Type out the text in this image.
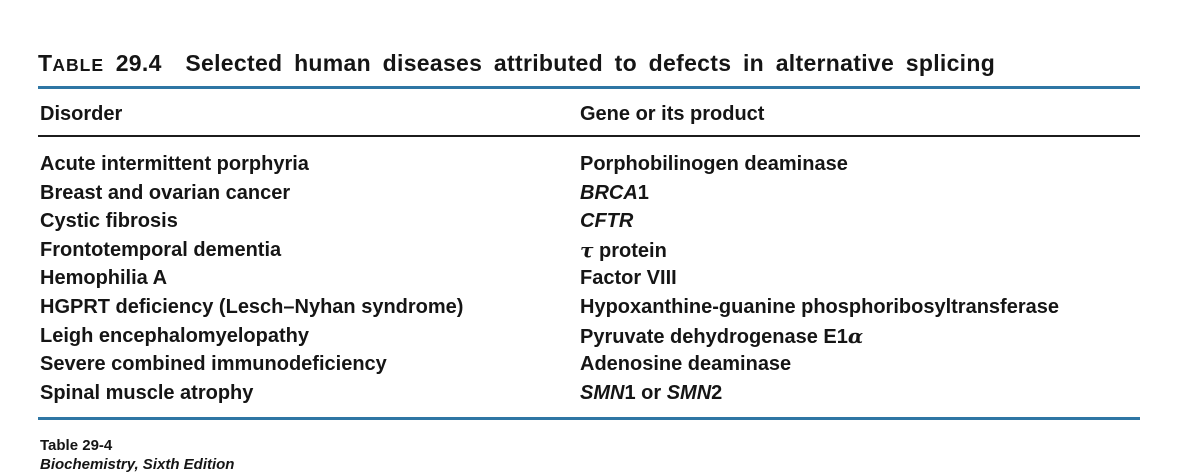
TABLE 29.4 Selected human diseases attributed to defects in alternative splicing
Disorder	Gene or its product
Acute intermittent porphyria	Porphobilinogen deaminase
Breast and ovarian cancer	BRCA1
Cystic fibrosis	CFTR
Frontotemporal dementia	τ protein
Hemophilia A	Factor VIII
HGPRT deficiency (Lesch–Nyhan syndrome)	Hypoxanthine-guanine phosphoribosyltransferase
Leigh encephalomyelopathy	Pyruvate dehydrogenase E1α
Severe combined immunodeficiency	Adenosine deaminase
Spinal muscle atrophy	SMN1 or SMN2
Table 29-4
Biochemistry, Sixth Edition
